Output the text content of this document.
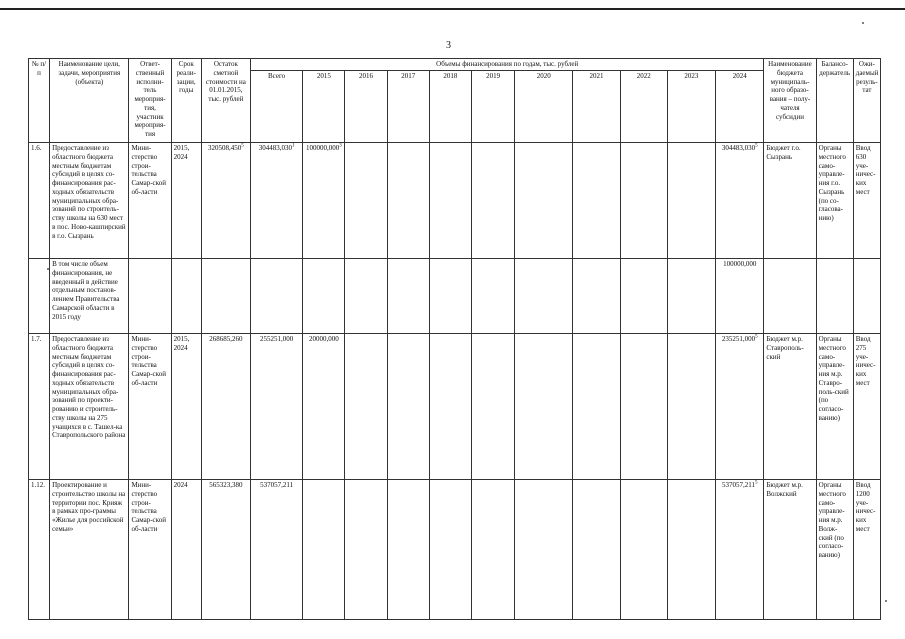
3
№ п/п	Наименование цели, задачи, мероприятия (объекта)	Ответ-ственный исполни-тель мероприя-тия, участник мероприя-тия	Срок реали-зации, годы	Остаток сметной стоимости на 01.01.2015, тыс. рублей	Объемы финансирования по годам, тыс. рублей											Наименование бюджета муниципаль-ного образо-вания – полу-чателя субсидии	Балансо-держатель	Ожи-даемый резуль-тат
					Всего	2015	2016	2017	2018	2019	2020	2021	2022	2023	2024			
1.6.	Предоставление из областного бюджета местным бюджетам субсидий в целях со-финансирования рас-ходных обязательств муниципальных обра-зований по строитель-ству школы на 630 мест в пос. Ново-кашпирский в г.о. Сызрань	Мини-стерство строи-тельства Самар-ской об-ласти	2015, 2024	320508,450$^5$	304483,030$^1$	100000,000$^3$									304483,030$^5$	Бюджет г.о. Сызрань	Органы местного само-управле-ния г.о. Сызрань (по со-гласова-нию)	Ввод 630 уче-ничес-ких мест
	В том числе объем финансирования, не введенный в действие отдельным постанов-лением Правительства Самарской области в 2015 году														100000,000			
1.7.	Предоставление из областного бюджета местным бюджетам субсидий в целях со-финансирования рас-ходных обязательств муниципальных обра-зований по проекти-рованию и строитель-ству школы на 275 учащихся в с. Ташел-ка Ставропольского района	Мини-стерство строи-тельства Самар-ской об-ласти	2015, 2024	268685,260	255251,000	20000,000									235251,000$^5$	Бюджет м.р. Ставрополь-ский	Органы местного само-управле-ния м.р. Ставро-поль-ский (по согласо-ванию)	Ввод 275 уче-ничес-ких мест
1.12.	Проектирование и строительство школы на территории пос. Крияж в рамках про-граммы «Жилье для российской семьи»	Мини-стерство строи-тельства Самар-ской об-ласти	2024	565323,380	537057,211										537057,211$^5$	Бюджет м.р. Волжский	Органы местного само-управле-ния м.р. Волж-ский (по согласо-ванию)	Ввод 1200 уче-ничес-ких мест
